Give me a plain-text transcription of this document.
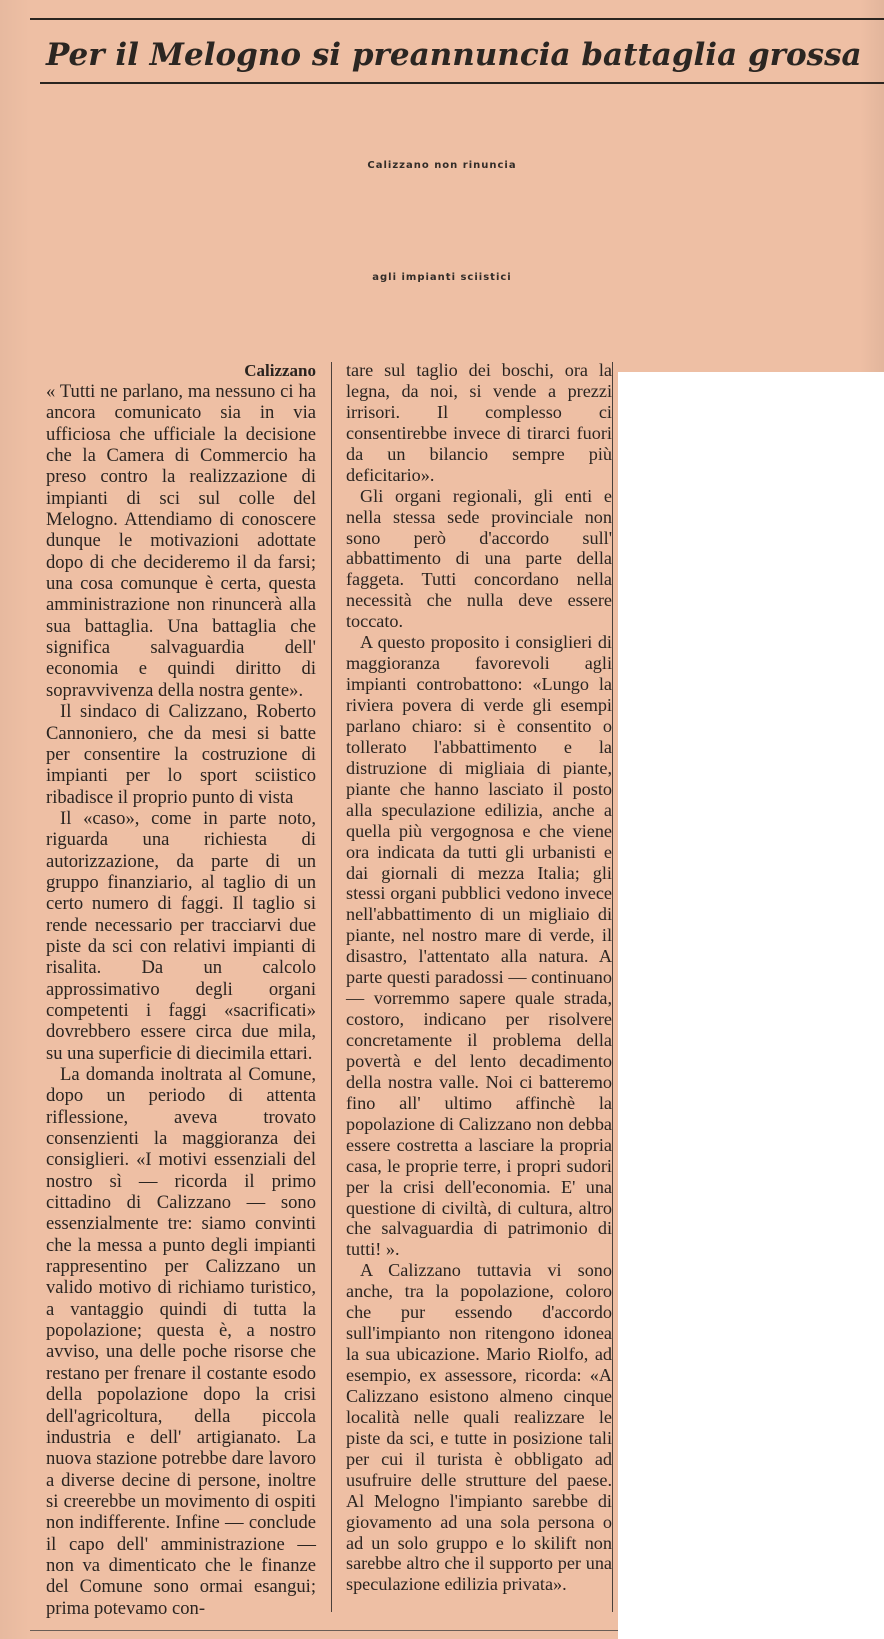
Per il Melogno si preannuncia battaglia grossa
Calizzano non rinuncia
agli impianti sciistici
Calizzano

« Tutti ne parlano, ma nessuno ci ha ancora comunicato sia in via ufficiosa che ufficiale la decisione che la Camera di Commercio ha preso contro la realizzazione di impianti di sci sul colle del Melogno. Attendiamo di conoscere dunque le motivazioni adottate dopo di che decideremo il da farsi; una cosa comunque è certa, questa amministrazione non rinuncerà alla sua battaglia. Una battaglia che significa salvaguardia dell' economia e quindi diritto di sopravvivenza della nostra gente».

Il sindaco di Calizzano, Roberto Cannoniero, che da mesi si batte per consentire la costruzione di impianti per lo sport sciistico ribadisce il proprio punto di vista

Il «caso», come in parte noto, riguarda una richiesta di autorizzazione, da parte di un gruppo finanziario, al taglio di un certo numero di faggi. Il taglio si rende necessario per tracciarvi due piste da sci con relativi impianti di risalita. Da un calcolo approssimativo degli organi competenti i faggi «sacrificati» dovrebbero essere circa due mila, su una superficie di diecimila ettari.

La domanda inoltrata al Comune, dopo un periodo di attenta riflessione, aveva trovato consenzienti la maggioranza dei consiglieri. «I motivi essenziali del nostro sì — ricorda il primo cittadino di Calizzano — sono essenzialmente tre: siamo convinti che la messa a punto degli impianti rappresentino per Calizzano un valido motivo di richiamo turistico, a vantaggio quindi di tutta la popolazione; questa è, a nostro avviso, una delle poche risorse che restano per frenare il costante esodo della popolazione dopo la crisi dell'agricoltura, della piccola industria e dell' artigianato. La nuova stazione potrebbe dare lavoro a diverse decine di persone, inoltre si creerebbe un movimento di ospiti non indifferente. Infine — conclude il capo dell' amministrazione — non va dimenticato che le finanze del Comune sono ormai esangui; prima potevamo con-

tare sul taglio dei boschi, ora la legna, da noi, si vende a prezzi irrisori. Il complesso ci consentirebbe invece di tirarci fuori da un bilancio sempre più deficitario».

Gli organi regionali, gli enti e nella stessa sede provinciale non sono però d'accordo sull' abbattimento di una parte della faggeta. Tutti concordano nella necessità che nulla deve essere toccato.

A questo proposito i consiglieri di maggioranza favorevoli agli impianti controbattono: «Lungo la riviera povera di verde gli esempi parlano chiaro: si è consentito o tollerato l'abbattimento e la distruzione di migliaia di piante, piante che hanno lasciato il posto alla speculazione edilizia, anche a quella più vergognosa e che viene ora indicata da tutti gli urbanisti e dai giornali di mezza Italia; gli stessi organi pubblici vedono invece nell'abbattimento di un migliaio di piante, nel nostro mare di verde, il disastro, l'attentato alla natura. A parte questi paradossi — continuano — vorremmo sapere quale strada, costoro, indicano per risolvere concretamente il problema della povertà e del lento decadimento della nostra valle. Noi ci batteremo fino all' ultimo affinchè la popolazione di Calizzano non debba essere costretta a lasciare la propria casa, le proprie terre, i propri sudori per la crisi dell'economia. E' una questione di civiltà, di cultura, altro che salvaguardia di patrimonio di tutti! ».

A Calizzano tuttavia vi sono anche, tra la popolazione, coloro che pur essendo d'accordo sull'impianto non ritengono idonea la sua ubicazione. Mario Riolfo, ad esempio, ex assessore, ricorda: «A Calizzano esistono almeno cinque località nelle quali realizzare le piste da sci, e tutte in posizione tali per cui il turista è obbligato ad usufruire delle strutture del paese. Al Melogno l'impianto sarebbe di giovamento ad una sola persona o ad un solo gruppo e lo skilift non sarebbe altro che il supporto per una speculazione edilizia privata».
